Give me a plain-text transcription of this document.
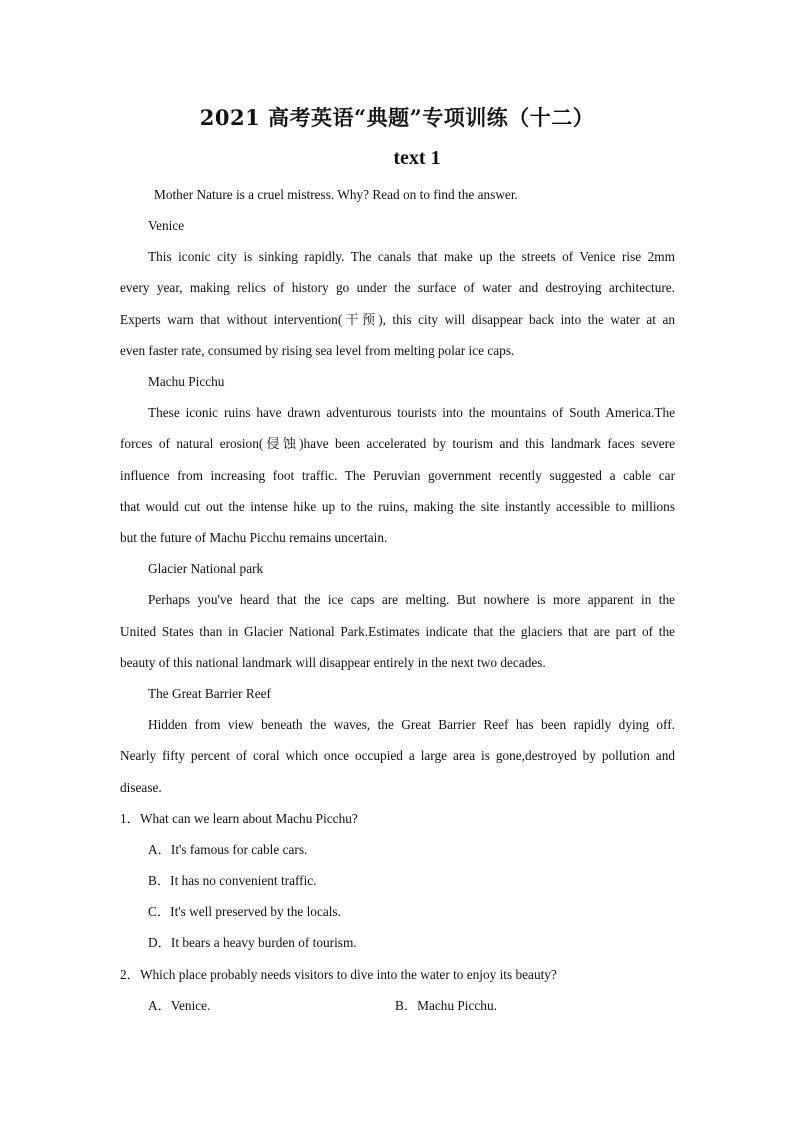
2021 高考英语“典题”专项训练（十二）
text 1
Mother Nature is a cruel mistress. Why? Read on to find the answer.
Venice
This iconic city is sinking rapidly. The canals that make up the streets of Venice rise 2mm
every year, making relics of history go under the surface of water and destroying architecture.
Experts warn that without intervention(干预), this city will disappear back into the water at an
even faster rate, consumed by rising sea level from melting polar ice caps.
Machu Picchu
These iconic ruins have drawn adventurous tourists into the mountains of South America.The
forces of natural erosion(侵蚀)have been accelerated by tourism and this landmark faces severe
influence from increasing foot traffic. The Peruvian government recently suggested a cable car
that would cut out the intense hike up to the ruins, making the site instantly accessible to millions
but the future of Machu Picchu remains uncertain.
Glacier National park
Perhaps you've heard that the ice caps are melting. But nowhere is more apparent in the
United States than in Glacier National Park.Estimates indicate that the glaciers that are part of the
beauty of this national landmark will disappear entirely in the next two decades.
The Great Barrier Reef
Hidden from view beneath the waves, the Great Barrier Reef has been rapidly dying off.
Nearly fifty percent of coral which once occupied a large area is gone,destroyed by pollution and
disease.
1．What can we learn about Machu Picchu?
A．It's famous for cable cars.
B．It has no convenient traffic.
C．It's well preserved by the locals.
D．It bears a heavy burden of tourism.
2．Which place probably needs visitors to dive into the water to enjoy its beauty?
A．Venice.	B．Machu Picchu.
